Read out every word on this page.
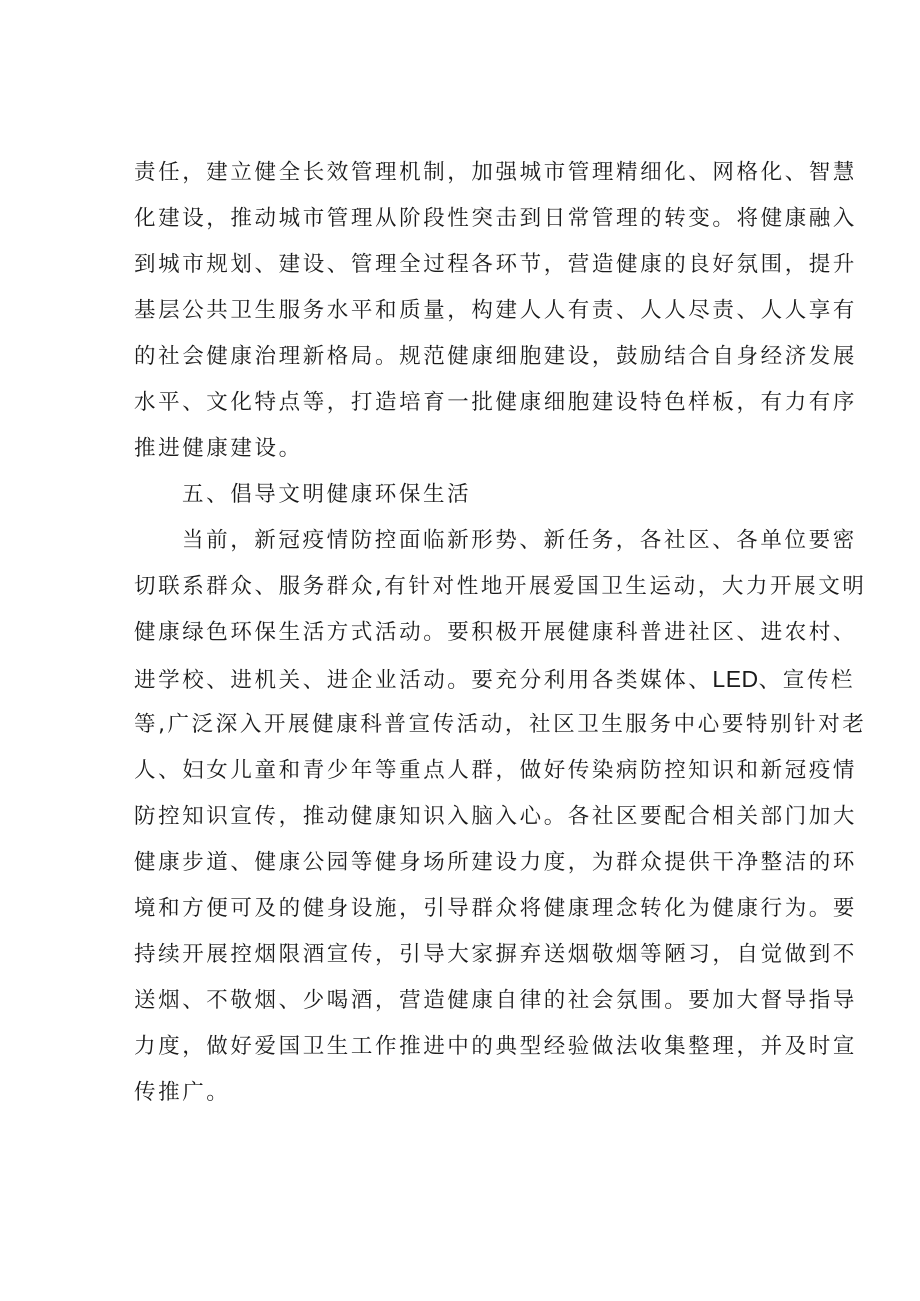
责任，建立健全长效管理机制，加强城市管理精细化、网格化、智慧
化建设，推动城市管理从阶段性突击到日常管理的转变。将健康融入
到城市规划、建设、管理全过程各环节，营造健康的良好氛围，提升
基层公共卫生服务水平和质量，构建人人有责、人人尽责、人人享有
的社会健康治理新格局。规范健康细胞建设，鼓励结合自身经济发展
水平、文化特点等，打造培育一批健康细胞建设特色样板，有力有序
推进健康建设。
五、倡导文明健康环保生活
当前，新冠疫情防控面临新形势、新任务，各社区、各单位要密
切联系群众、服务群众,有针对性地开展爱国卫生运动，大力开展文明
健康绿色环保生活方式活动。要积极开展健康科普进社区、进农村、
进学校、进机关、进企业活动。要充分利用各类媒体、LED、宣传栏
等,广泛深入开展健康科普宣传活动，社区卫生服务中心要特别针对老
人、妇女儿童和青少年等重点人群，做好传染病防控知识和新冠疫情
防控知识宣传，推动健康知识入脑入心。各社区要配合相关部门加大
健康步道、健康公园等健身场所建设力度，为群众提供干净整洁的环
境和方便可及的健身设施，引导群众将健康理念转化为健康行为。要
持续开展控烟限酒宣传，引导大家摒弃送烟敬烟等陋习，自觉做到不
送烟、不敬烟、少喝酒，营造健康自律的社会氛围。要加大督导指导
力度，做好爱国卫生工作推进中的典型经验做法收集整理，并及时宣
传推广。
